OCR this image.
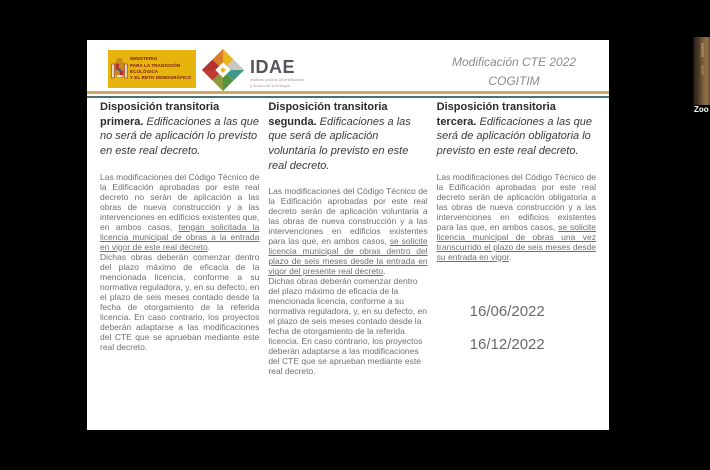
MINISTERIO
PARA LA TRANSICIÓN ECOLÓGICA
Y EL RETO DEMOGRÁFICO
IDAE
Instituto para la Diversificación
y Ahorro de la Energía
Modificación CTE 2022
COGITIM

Disposición transitoria primera. Edificaciones a las que no será de aplicación lo previsto en este real decreto.

Las modificaciones del Código Técnico de la Edificación aprobadas por este real decreto no serán de aplicación a las obras de nueva construcción y a las intervenciones en edificios existentes que, en ambos casos, tengan solicitada la licencia municipal de obras a la entrada en vigor de este real decreto.

Dichas obras deberán comenzar dentro del plazo máximo de eficacia de la mencionada licencia, conforme a su normativa reguladora, y, en su defecto, en el plazo de seis meses contado desde la fecha de otorgamiento de la referida licencia. En caso contrario, los proyectos deberán adaptarse a las modificaciones del CTE que se aprueban mediante este real decreto.

Disposición transitoria segunda. Edificaciones a las que será de aplicación voluntaria lo previsto en este real decreto.

Las modificaciones del Código Técnico de la Edificación aprobadas por este real decreto serán de aplicación voluntaria a las obras de nueva construcción y a las intervenciones en edificios existentes para las que, en ambos casos, se solicite licencia municipal de obras dentro del plazo de seis meses desde la entrada en vigor del presente real decreto.

Dichas obras deberán comenzar dentro del plazo máximo de eficacia de la mencionada licencia, conforme a su normativa reguladora, y, en su defecto, en el plazo de seis meses contado desde la fecha de otorgamiento de la referida licencia. En caso contrario, los proyectos deberán adaptarse a las modificaciones del CTE que se aprueban mediante este real decreto.

Disposición transitoria tercera. Edificaciones a las que será de aplicación obligatoria lo previsto en este real decreto.

Las modificaciones del Código Técnico de la Edificación aprobadas por este real decreto serán de aplicación obligatoria a las obras de nueva construcción y a las intervenciones en edificios existentes para las que, en ambos casos, se solicite licencia municipal de obras una vez transcurrido el plazo de seis meses desde su entrada en vigor.

16/06/2022

16/12/2022

Zoo
